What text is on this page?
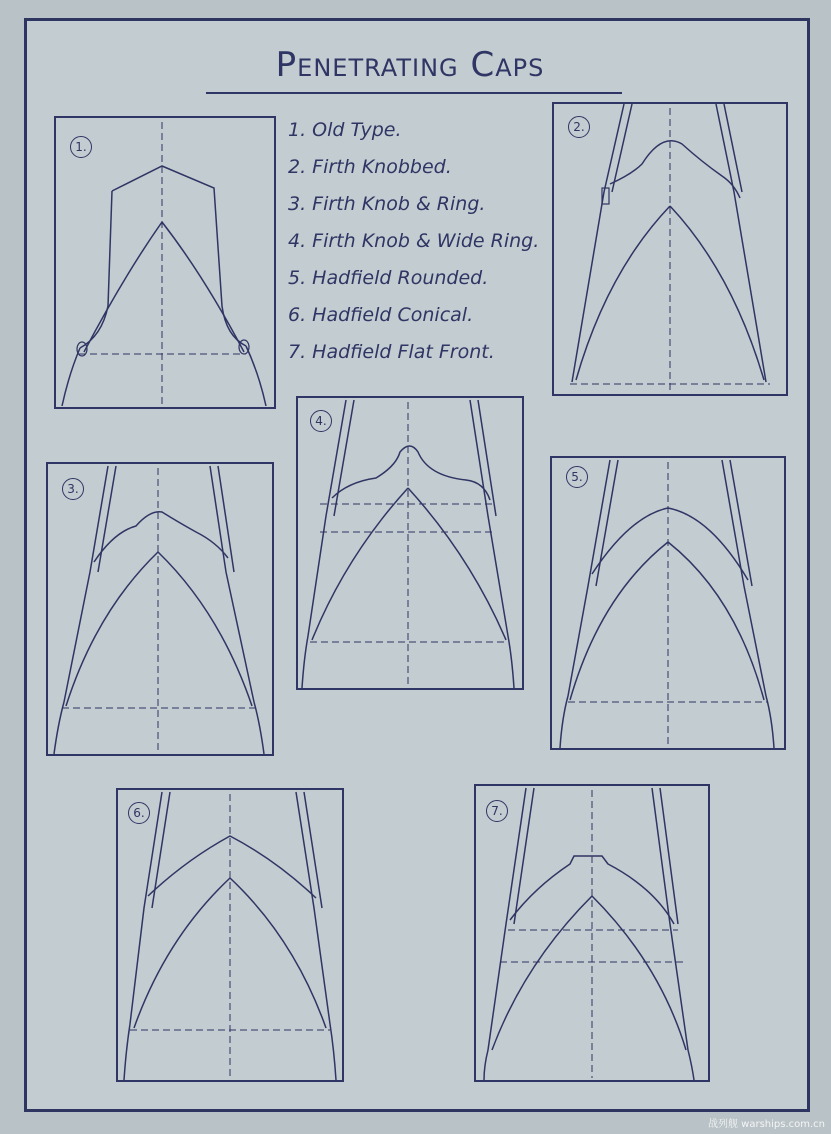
Penetrating Caps
1. Old Type.
2. Firth Knobbed.
3. Firth Knob & Ring.
4. Firth Knob & Wide Ring.
5. Hadfield Rounded.
6. Hadfield Conical.
7. Hadfield Flat Front.
1.
2.
3.
4.
5.
6.	7.
战列舰 warships.com.cn
